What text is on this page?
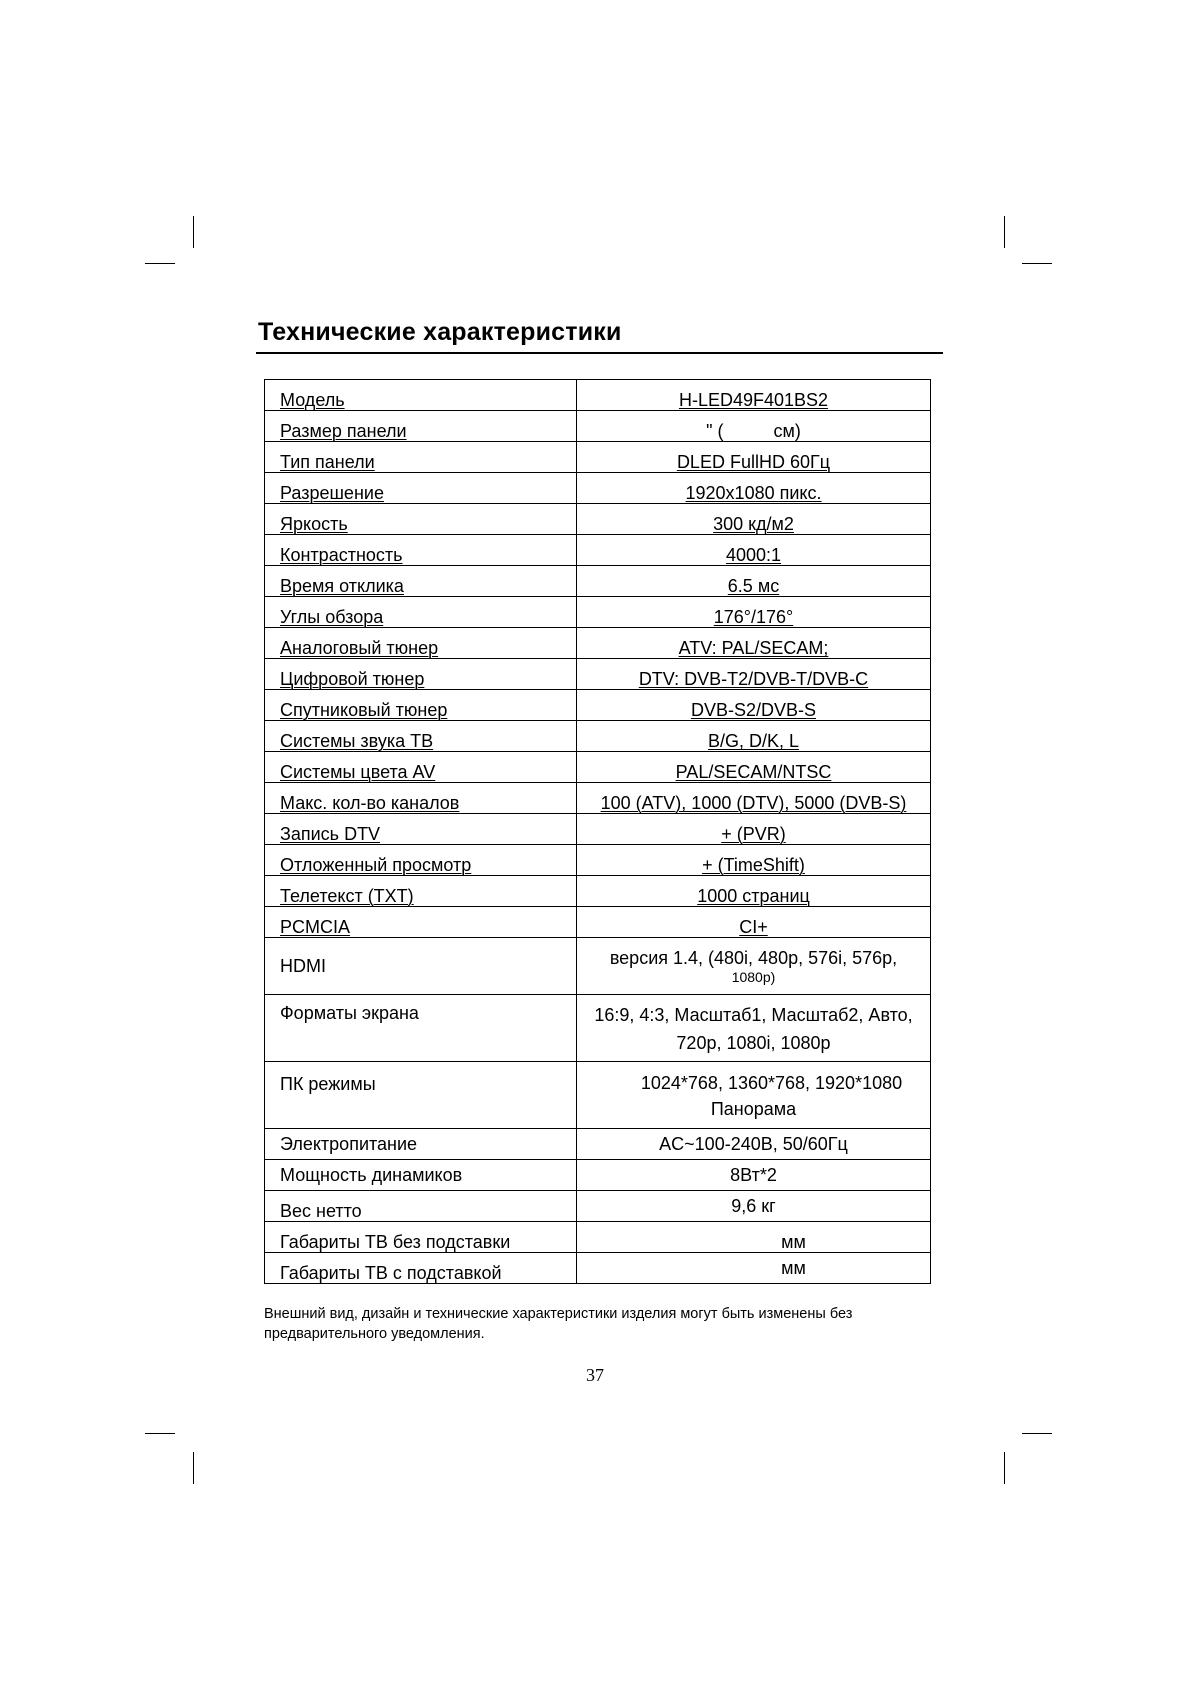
Технические характеристики
Модель	H-LED49F401BS2
Размер панели	" (          см)
Тип панели	DLED FullHD 60Гц
Разрешение	1920x1080 пикс.
Яркость	300 кд/м2
Контрастность	4000:1
Время отклика	6.5 мс
Углы обзора	176°/176°
Аналоговый тюнер	ATV: PAL/SECAM;
Цифровой тюнер	DTV: DVB-T2/DVB-T/DVB-C
Спутниковый тюнер	DVB-S2/DVB-S
Системы звука ТВ	B/G, D/K, L
Системы цвета AV	PAL/SECAM/NTSC
Макс. кол-во каналов	100 (ATV), 1000 (DTV), 5000 (DVB-S)
Запись DTV	+ (PVR)
Отложенный просмотр	+ (TimeShift)
Телетекст (TXT)	1000 страниц
PCMCIA	CI+
HDMI	версия 1.4, (480i, 480p, 576i, 576p,
1080p)

Форматы экрана	16:9, 4:3, Масштаб1, Масштаб2, Авто,
720p, 1080i, 1080p

ПК режимы	1024*768, 1360*768, 1920*1080
Панорама

Электропитание	AC~100-240В, 50/60Гц
Мощность динамиков	8Вт*2
Вес нетто	9,6 кг
Габариты ТВ без подставки	мм
Габариты ТВ с подставкой	мм
Внешний вид, дизайн и технические характеристики изделия могут быть изменены без предварительного уведомления.
37
